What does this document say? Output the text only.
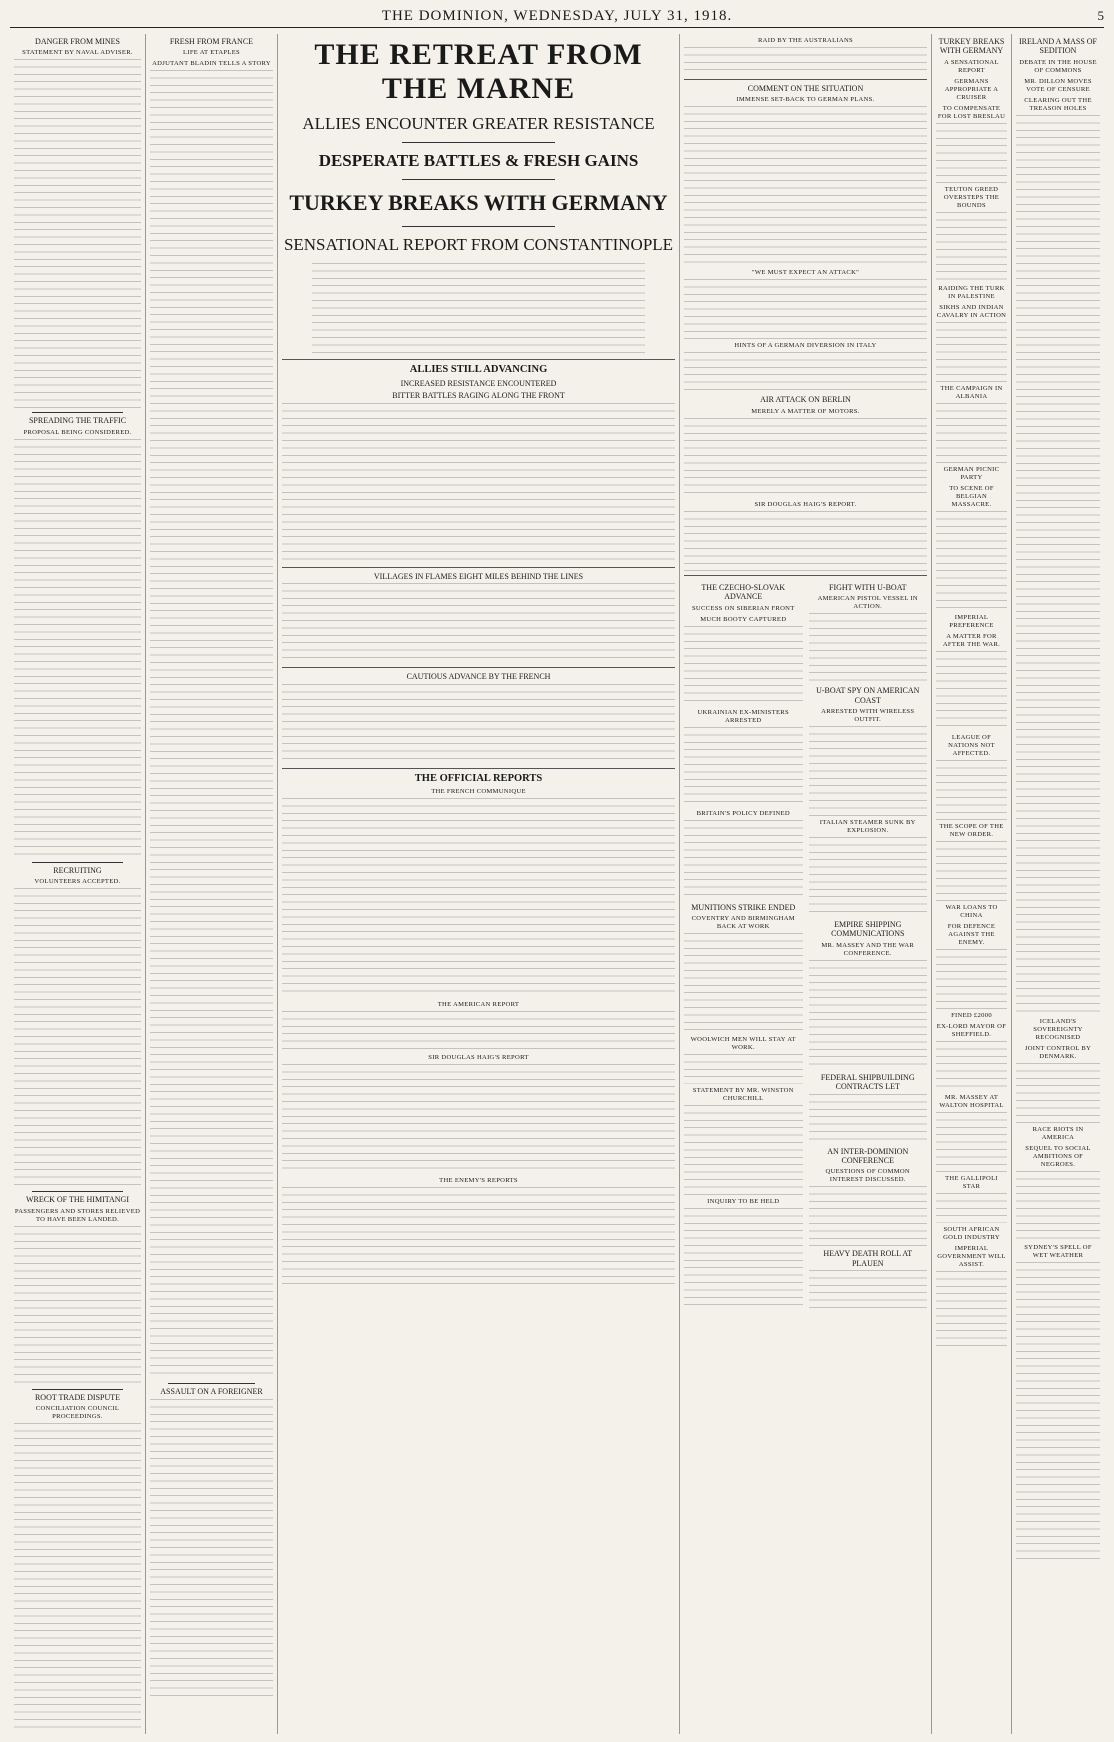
THE DOMINION, WEDNESDAY, JULY 31, 1918.	5
DANGER FROM MINES
STATEMENT BY NAVAL ADVISER.
SPREADING THE TRAFFIC
PROPOSAL BEING CONSIDERED.
RECRUITING
VOLUNTEERS ACCEPTED.
WRECK OF THE HIMITANGI
PASSENGERS AND STORES RELIEVED TO HAVE BEEN LANDED.
ROOT TRADE DISPUTE
CONCILIATION COUNCIL PROCEEDINGS.
FRESH FROM FRANCE
LIFE AT ETAPLES
ADJUTANT BLADIN TELLS A STORY
ASSAULT ON A FOREIGNER
THE RETREAT FROM THE MARNE
ALLIES ENCOUNTER GREATER RESISTANCE
DESPERATE BATTLES & FRESH GAINS
TURKEY BREAKS WITH GERMANY
SENSATIONAL REPORT FROM CONSTANTINOPLE
ALLIES STILL ADVANCING
INCREASED RESISTANCE ENCOUNTERED
BITTER BATTLES RAGING ALONG THE FRONT
VILLAGES IN FLAMES EIGHT MILES BEHIND THE LINES
CAUTIOUS ADVANCE BY THE FRENCH
THE OFFICIAL REPORTS
THE FRENCH COMMUNIQUE
THE AMERICAN REPORT
SIR DOUGLAS HAIG'S REPORT
THE ENEMY'S REPORTS
RAID BY THE AUSTRALIANS
COMMENT ON THE SITUATION
IMMENSE SET-BACK TO GERMAN PLANS.
"WE MUST EXPECT AN ATTACK"
HINTS OF A GERMAN DIVERSION IN ITALY
AIR ATTACK ON BERLIN
MERELY A MATTER OF MOTORS.
SIR DOUGLAS HAIG'S REPORT.
THE CZECHO-SLOVAK ADVANCE
SUCCESS ON SIBERIAN FRONT
MUCH BOOTY CAPTURED
UKRAINIAN EX-MINISTERS ARRESTED
BRITAIN'S POLICY DEFINED
MUNITIONS STRIKE ENDED
COVENTRY AND BIRMINGHAM BACK AT WORK
WOOLWICH MEN WILL STAY AT WORK.
STATEMENT BY MR. WINSTON CHURCHILL
INQUIRY TO BE HELD
FIGHT WITH U-BOAT
AMERICAN PISTOL VESSEL IN ACTION.
U-BOAT SPY ON AMERICAN COAST
ARRESTED WITH WIRELESS OUTFIT.
ITALIAN STEAMER SUNK BY EXPLOSION.
EMPIRE SHIPPING COMMUNICATIONS
MR. MASSEY AND THE WAR CONFERENCE.
FEDERAL SHIPBUILDING CONTRACTS LET
AN INTER-DOMINION CONFERENCE
QUESTIONS OF COMMON INTEREST DISCUSSED.
HEAVY DEATH ROLL AT PLAUEN
TURKEY BREAKS WITH GERMANY
A SENSATIONAL REPORT
GERMANS APPROPRIATE A CRUISER
TO COMPENSATE FOR LOST BRESLAU
TEUTON GREED OVERSTEPS THE BOUNDS
RAIDING THE TURK IN PALESTINE
SIKHS AND INDIAN CAVALRY IN ACTION
THE CAMPAIGN IN ALBANIA
GERMAN PICNIC PARTY
TO SCENE OF BELGIAN MASSACRE.
IMPERIAL PREFERENCE
A MATTER FOR AFTER THE WAR.
LEAGUE OF NATIONS NOT AFFECTED.
THE SCOPE OF THE NEW ORDER.
WAR LOANS TO CHINA
FOR DEFENCE AGAINST THE ENEMY.
FINED £2000
EX-LORD MAYOR OF SHEFFIELD.
MR. MASSEY AT WALTON HOSPITAL
THE GALLIPOLI STAR
SOUTH AFRICAN GOLD INDUSTRY
IMPERIAL GOVERNMENT WILL ASSIST.
IRELAND A MASS OF SEDITION
DEBATE IN THE HOUSE OF COMMONS
MR. DILLON MOVES VOTE OF CENSURE
CLEARING OUT THE TREASON HOLES
ICELAND'S SOVEREIGNTY RECOGNISED
JOINT CONTROL BY DENMARK.
RACE RIOTS IN AMERICA
SEQUEL TO SOCIAL AMBITIONS OF NEGROES.
SYDNEY'S SPELL OF WET WEATHER
